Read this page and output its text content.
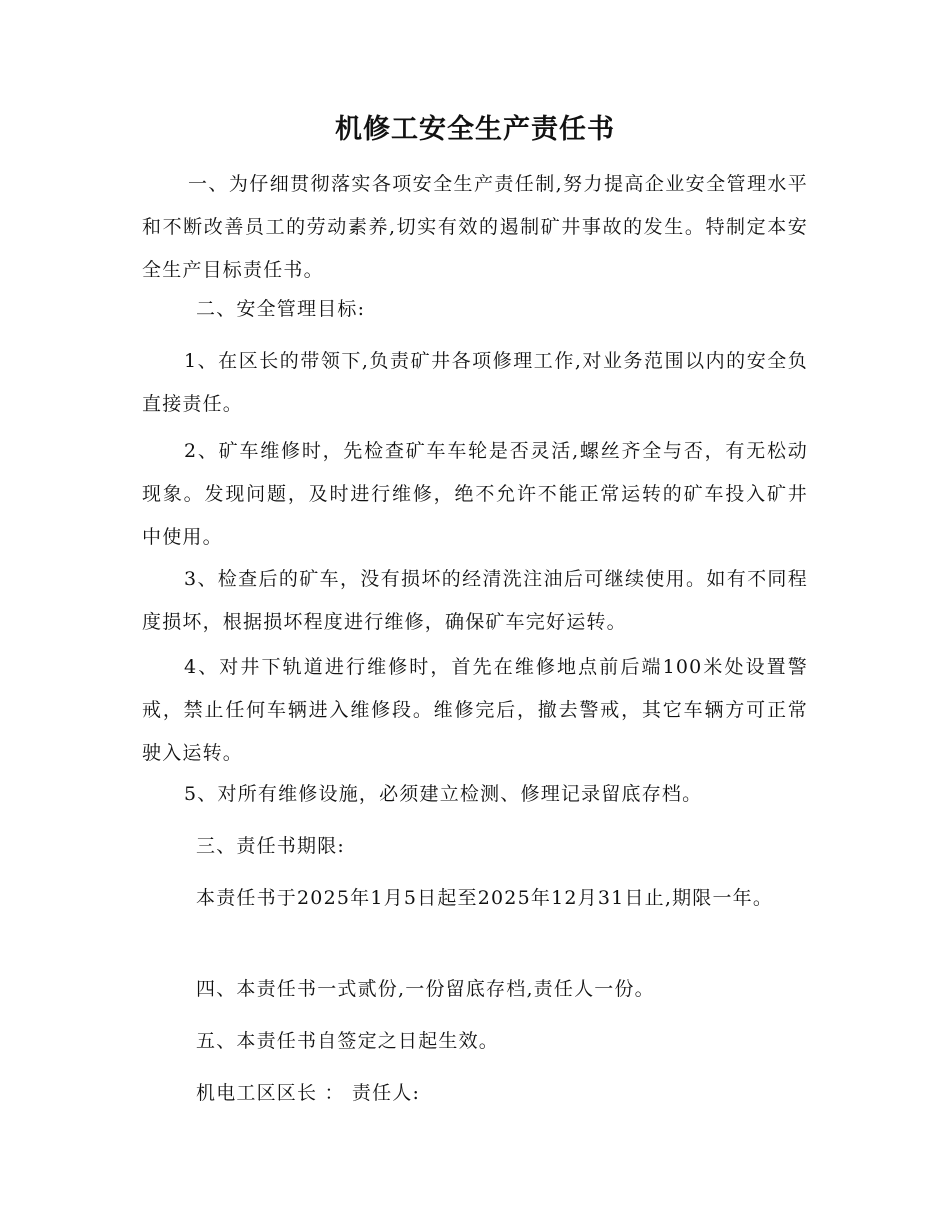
机修工安全生产责任书
一、为仔细贯彻落实各项安全生产责任制,努力提高企业安全管理水平和不断改善员工的劳动素养,切实有效的遏制矿井事故的发生。特制定本安全生产目标责任书。
二、安全管理目标:
1、在区长的带领下,负责矿井各项修理工作,对业务范围以内的安全负直接责任。
2、矿车维修时，先检查矿车车轮是否灵活,螺丝齐全与否，有无松动现象。发现问题，及时进行维修，绝不允许不能正常运转的矿车投入矿井中使用。
3、检查后的矿车，没有损坏的经清洗注油后可继续使用。如有不同程度损坏，根据损坏程度进行维修，确保矿车完好运转。
4、对井下轨道进行维修时，首先在维修地点前后端100米处设置警戒，禁止任何车辆进入维修段。维修完后，撤去警戒，其它车辆方可正常驶入运转。
5、对所有维修设施，必须建立检测、修理记录留底存档。
三、责任书期限:
本责任书于2025年1月5日起至2025年12月31日止,期限一年。
四、本责任书一式贰份,一份留底存档,责任人一份。
五、本责任书自签定之日起生效。
机电工区区长 ： 责任人:
